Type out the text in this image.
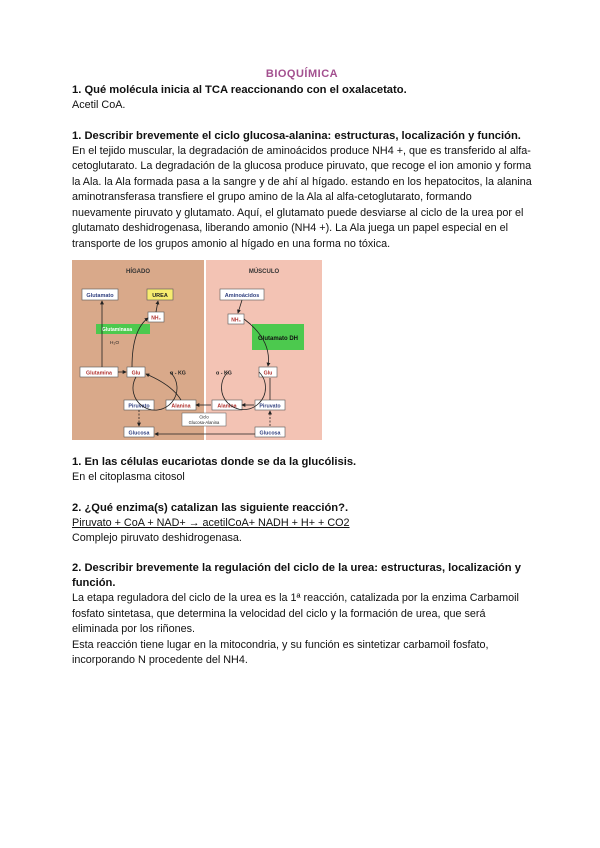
BIOQUÍMICA

1. Qué molécula inicia al TCA reaccionando con el oxalacetato.

Acetil CoA.

1. Describir brevemente el ciclo glucosa-alanina: estructuras, localización y función.

En el tejido muscular, la degradación de aminoácidos produce NH4 +, que es transferido al alfa-cetoglutarato. La degradación de la glucosa produce piruvato, que recoge el ion amonio y forma la Ala. la Ala formada pasa a la sangre y de ahí al hígado. estando en los hepatocitos, la alanina aminotransferasa transfiere el grupo amino de la Ala al alfa-cetoglutarato, formando nuevamente piruvato y glutamato. Aquí, el glutamato puede desviarse al ciclo de la urea por el glutamato deshidrogenasa, liberando amonio (NH4 +). La Ala juega un papel especial en el transporte de los grupos amonio al hígado en una forma no tóxica.

HÍGADO	MÚSCULO
Glutamato	UREA
NH₃
Glutaminasa
H₂O
Glutamina	Glu	α - KG
Piruvato	Alanina
Glucosa
Aminoácidos
NH₃
Glutamato DH
α - KG	Glu
Alanina	Piruvato
Glucosa
Ciclo
Glucosa-Alanina

1. En las células eucariotas donde se da la glucólisis.

En el citoplasma citosol

2. ¿Qué enzima(s) catalizan las siguiente reacción?.

Piruvato + CoA + NAD+ → acetilCoA+ NADH + H+ + CO2

Complejo piruvato deshidrogenasa.

2. Describir brevemente la regulación del ciclo de la urea: estructuras, localización y función.

La etapa reguladora del ciclo de la urea es la 1ª reacción, catalizada por la enzima Carbamoil fosfato sintetasa, que determina la velocidad del ciclo y la formación de urea, que será eliminada por los riñones.

Esta reacción tiene lugar en la mitocondria, y su función es sintetizar carbamoil fosfato, incorporando N procedente del NH4.
